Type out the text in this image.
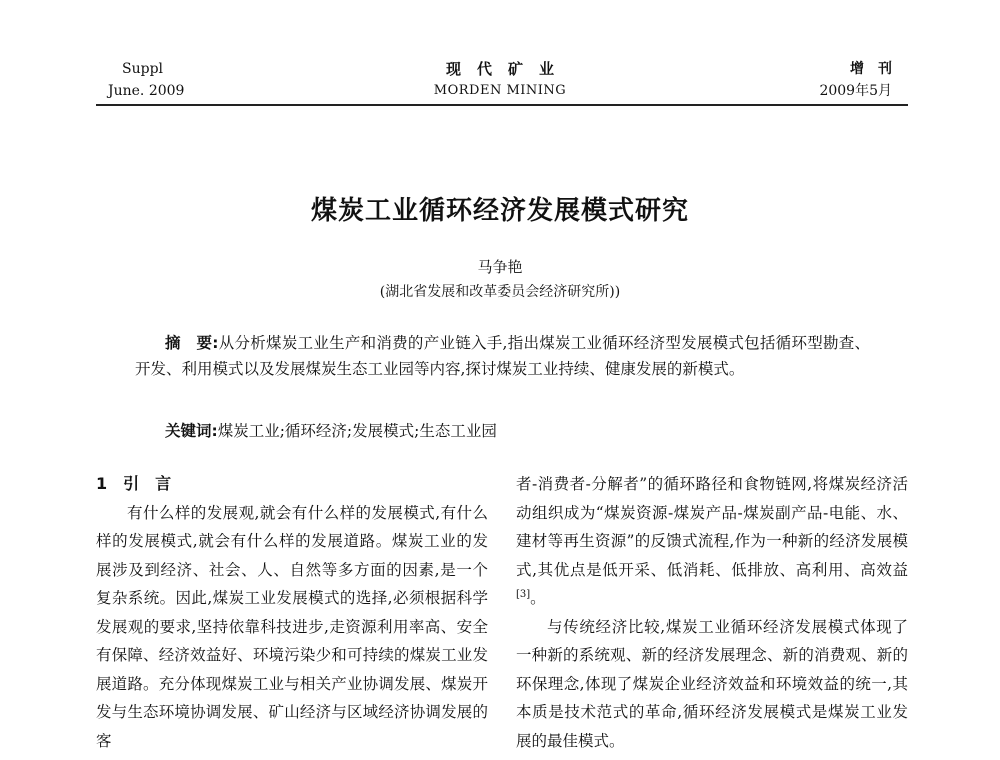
Suppl
June. 2009
现代矿业
MORDEN MINING
增刊
2009年5月
煤炭工业循环经济发展模式研究
马争艳
(湖北省发展和改革委员会经济研究所))
摘　要:从分析煤炭工业生产和消费的产业链入手,指出煤炭工业循环经济型发展模式包括循环型勘查、开发、利用模式以及发展煤炭生态工业园等内容,探讨煤炭工业持续、健康发展的新模式。
关键词:煤炭工业;循环经济;发展模式;生态工业园
1 引言

有什么样的发展观,就会有什么样的发展模式,有什么样的发展模式,就会有什么样的发展道路。煤炭工业的发展涉及到经济、社会、人、自然等多方面的因素,是一个复杂系统。因此,煤炭工业发展模式的选择,必须根据科学发展观的要求,坚持依靠科技进步,走资源利用率高、安全有保障、经济效益好、环境污染少和可持续的煤炭工业发展道路。充分体现煤炭工业与相关产业协调发展、煤炭开发与生态环境协调发展、矿山经济与区域经济协调发展的客

者-消费者-分解者”的循环路径和食物链网,将煤炭经济活动组织成为“煤炭资源-煤炭产品-煤炭副产品-电能、水、建材等再生资源”的反馈式流程,作为一种新的经济发展模式,其优点是低开采、低消耗、低排放、高利用、高效益[3]。

与传统经济比较,煤炭工业循环经济发展模式体现了一种新的系统观、新的经济发展理念、新的消费观、新的环保理念,体现了煤炭企业经济效益和环境效益的统一,其本质是技术范式的革命,循环经济发展模式是煤炭工业发展的最佳模式。
